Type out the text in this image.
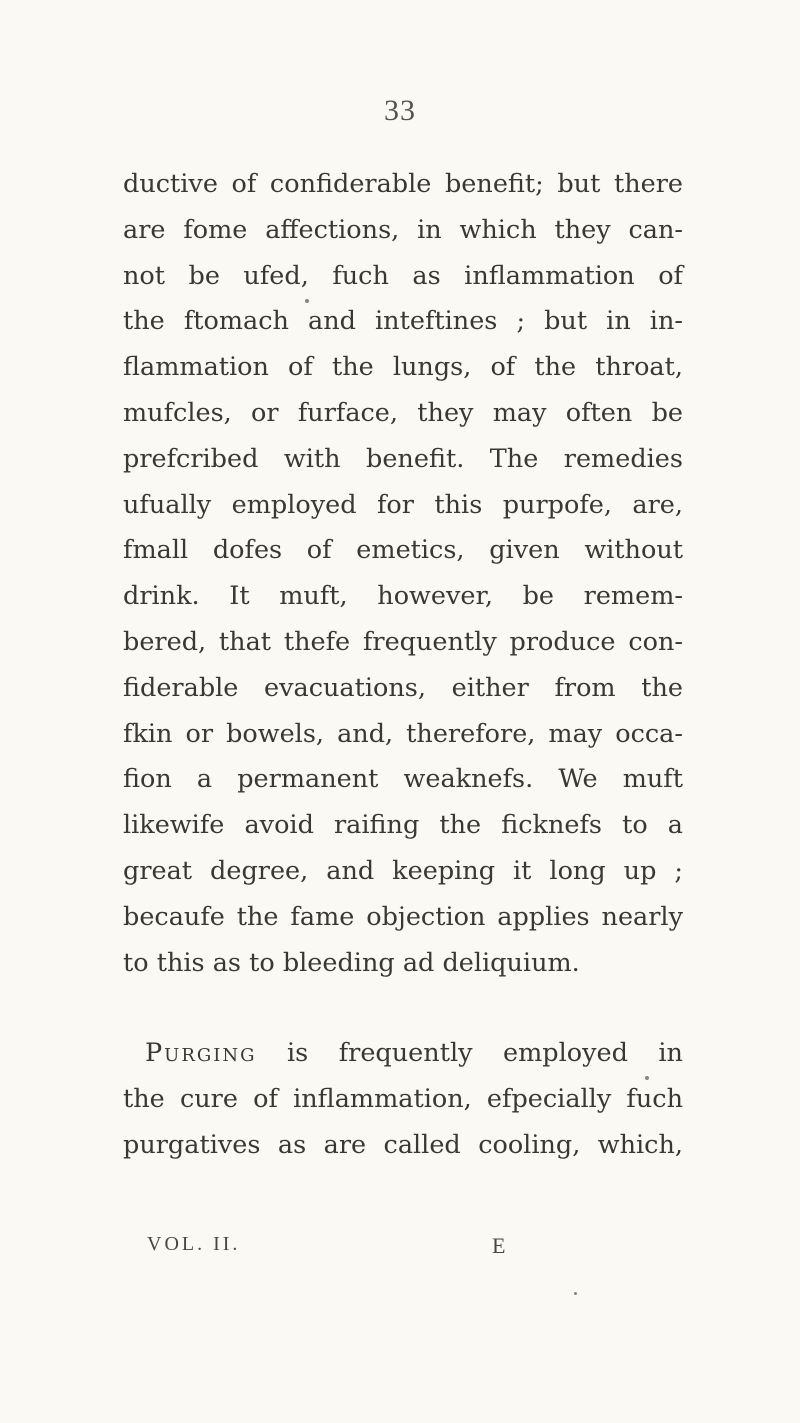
33
ductive of confiderable benefit; but there
are fome affections, in which they can-
not be ufed, fuch as inflammation of
the ftomach and inteftines ; but in in-
flammation of the lungs, of the throat,
mufcles, or furface, they may often be
prefcribed with benefit. The remedies
ufually employed for this purpofe, are,
fmall dofes of emetics, given without
drink. It muft, however, be remem-
bered, that thefe frequently produce con-
fiderable evacuations, either from the
fkin or bowels, and, therefore, may occa-
fion a permanent weaknefs. We muft
likewife avoid raifing the ficknefs to a
great degree, and keeping it long up ;
becaufe the fame objection applies nearly
to this as to bleeding ad deliquium.
Purging is frequently employed in
the cure of inflammation, efpecially fuch
purgatives as are called cooling, which,
VOL. II.	E
